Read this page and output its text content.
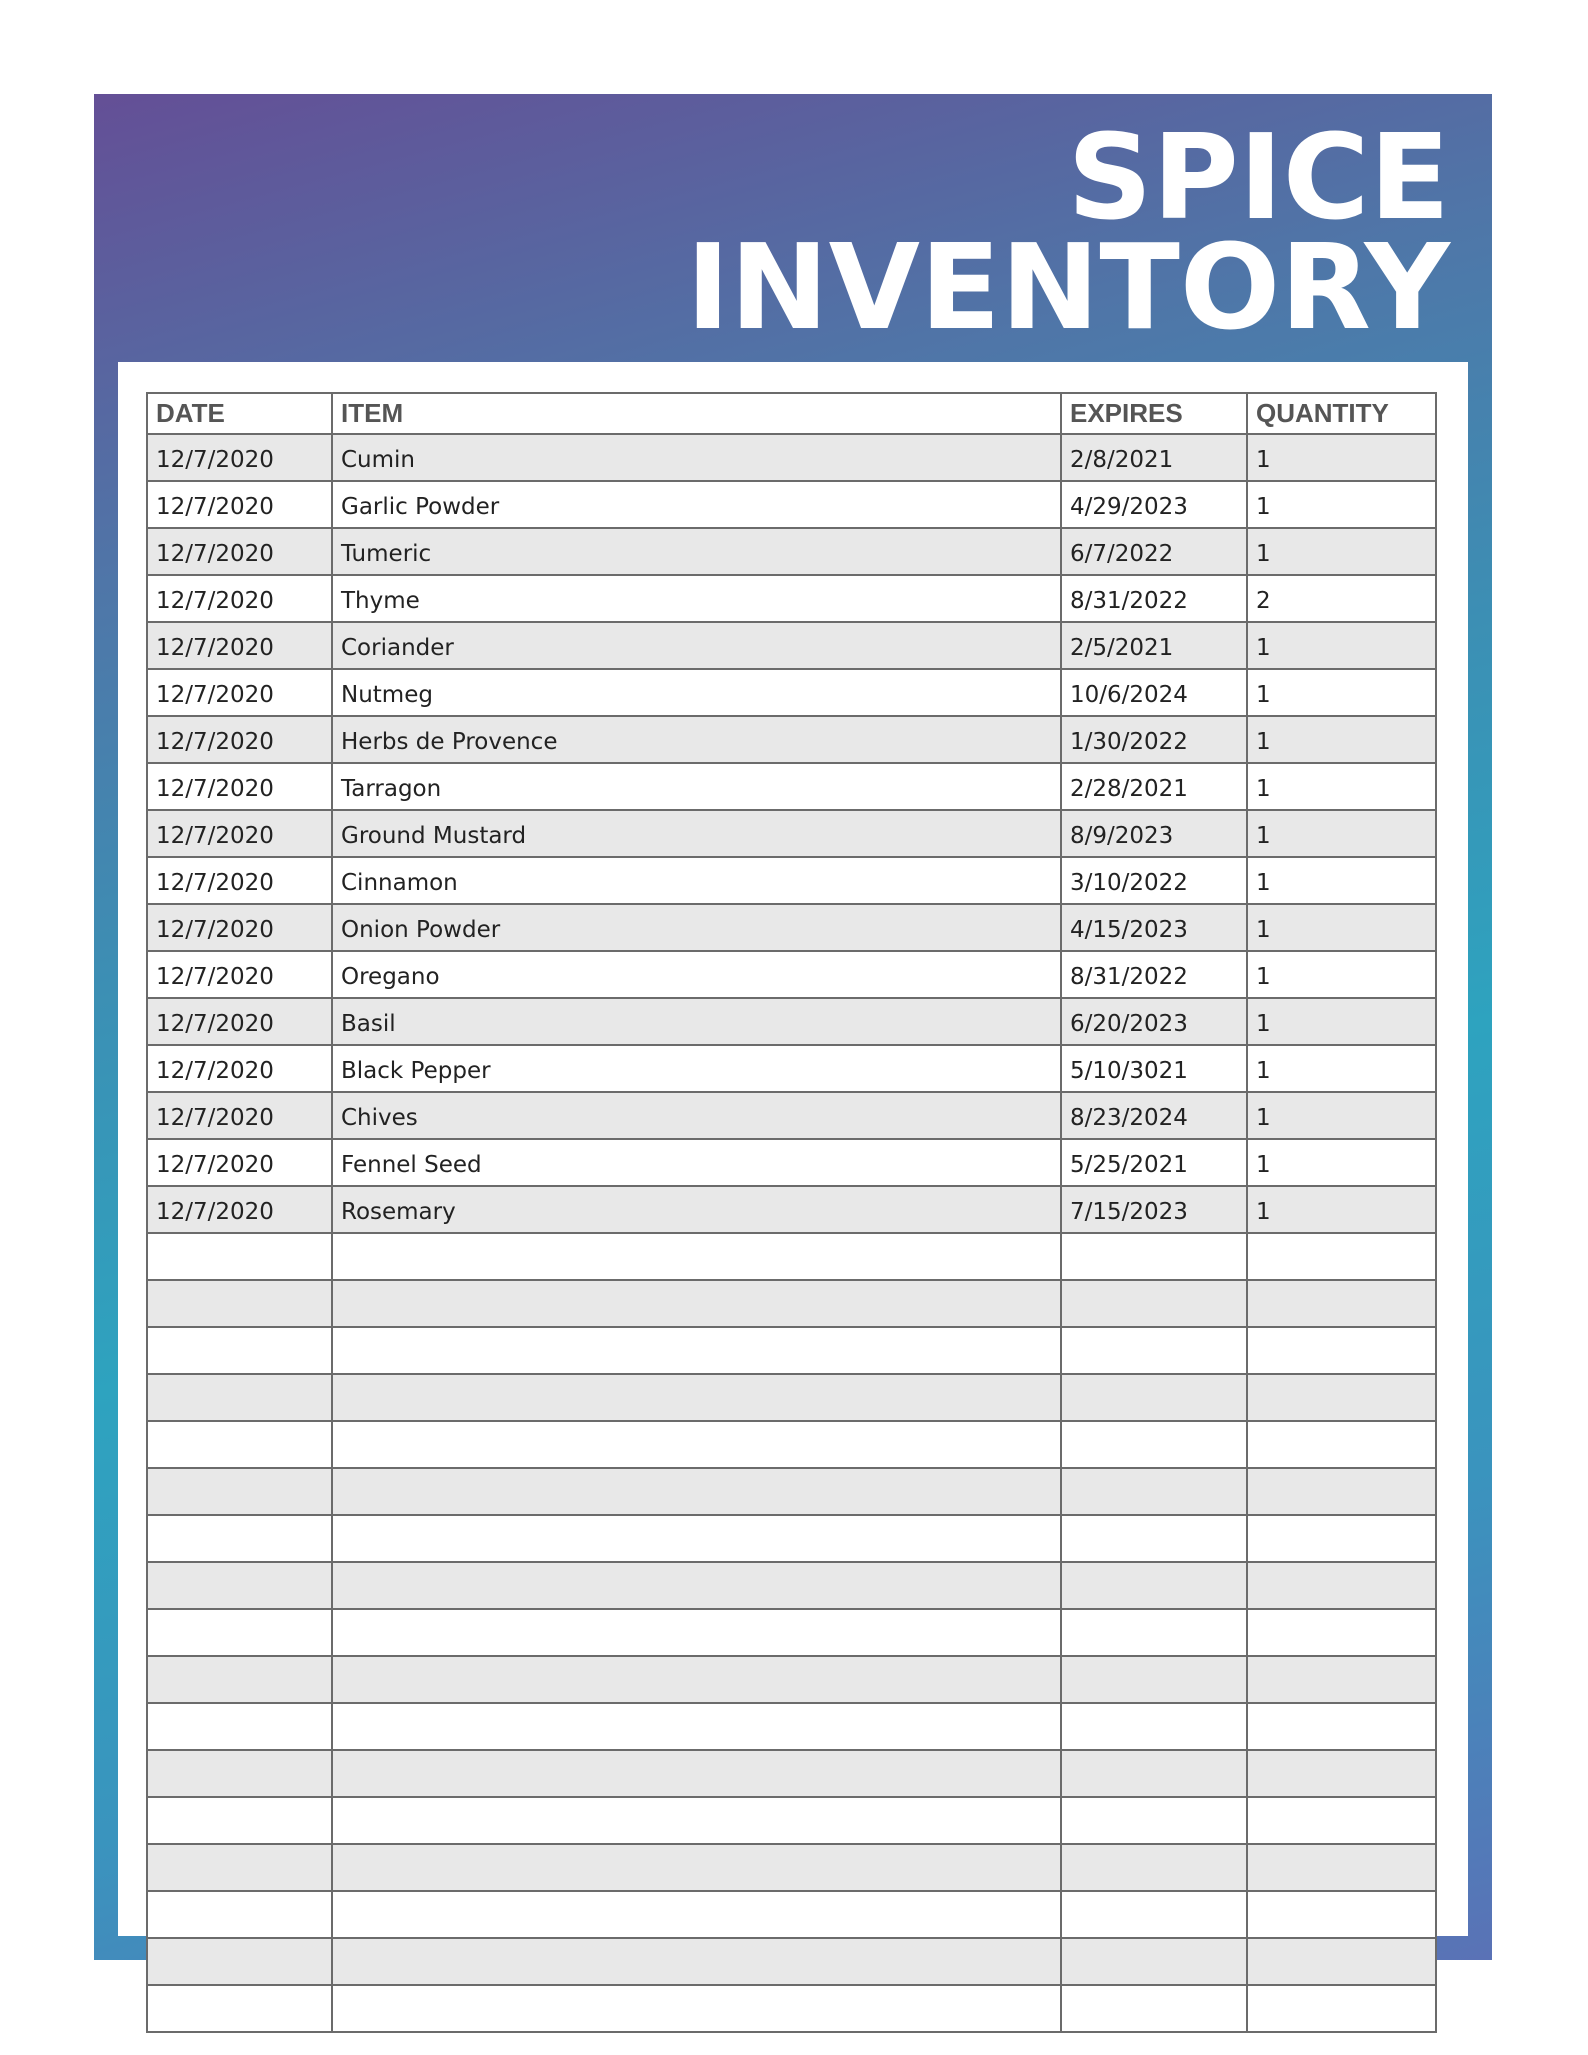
SPICE
INVENTORY
DATE	ITEM	EXPIRES	QUANTITY
12/7/2020	Cumin	2/8/2021	1
12/7/2020	Garlic Powder	4/29/2023	1
12/7/2020	Tumeric	6/7/2022	1
12/7/2020	Thyme	8/31/2022	2
12/7/2020	Coriander	2/5/2021	1
12/7/2020	Nutmeg	10/6/2024	1
12/7/2020	Herbs de Provence	1/30/2022	1
12/7/2020	Tarragon	2/28/2021	1
12/7/2020	Ground Mustard	8/9/2023	1
12/7/2020	Cinnamon	3/10/2022	1
12/7/2020	Onion Powder	4/15/2023	1
12/7/2020	Oregano	8/31/2022	1
12/7/2020	Basil	6/20/2023	1
12/7/2020	Black Pepper	5/10/3021	1
12/7/2020	Chives	8/23/2024	1
12/7/2020	Fennel Seed	5/25/2021	1
12/7/2020	Rosemary	7/15/2023	1
